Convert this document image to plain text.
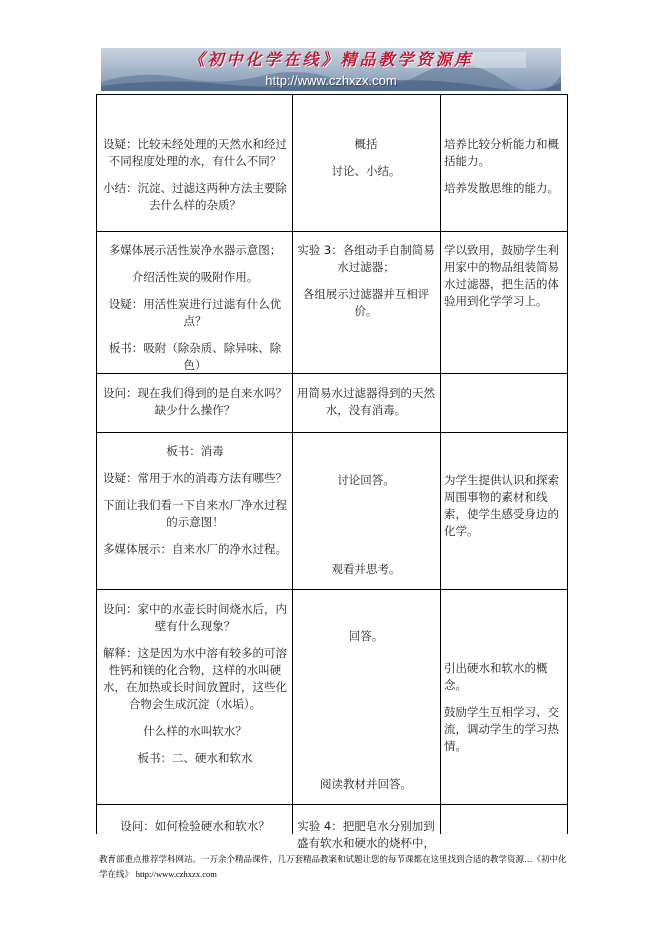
《初中化学在线》精品教学资源库
http://www.czhxzx.com

设疑：比较未经处理的天然水和经过不同程度处理的水，有什么不同？

小结：沉淀、过滤这两种方法主要除去什么样的杂质？

概括

讨论、小结。

培养比较分析能力和概括能力。

培养发散思维的能力。

多媒体展示活性炭净水器示意图；

介绍活性炭的吸附作用。

设疑：用活性炭进行过滤有什么优点？

板书：吸附（除杂质、除异味、除色）

实验 3：各组动手自制简易水过滤器；

各组展示过滤器并互相评价。

学以致用，鼓励学生利用家中的物品组装简易水过滤器，把生活的体验用到化学学习上。

设问：现在我们得到的是自来水吗？缺少什么操作？

用简易水过滤器得到的天然水，没有消毒。

板书：消毒

设疑：常用于水的消毒方法有哪些？

下面让我们看一下自来水厂净水过程的示意图！

多媒体展示：自来水厂的净水过程。

讨论回答。

观看并思考。

为学生提供认识和探索周围事物的素材和线索，使学生感受身边的化学。

设问：家中的水壶长时间烧水后，内壁有什么现象？

解释：这是因为水中溶有较多的可溶性钙和镁的化合物，这样的水叫硬水，在加热或长时间放置时，这些化合物会生成沉淀（水垢）。

什么样的水叫软水？

板书：二、硬水和软水

回答。

阅读教材并回答。

引出硬水和软水的概念。

鼓励学生互相学习、交流，调动学生的学习热情。

设问：如何检验硬水和软水？	实验 4：把肥皂水分别加到盛有软水和硬水的烧杯中，

教育部重点推荐学科网站。一万余个精品课件，几万套精品教案和试题让您的每节课都在这里找到合适的教学资源…《初中化学在线》 http://www.czhxzx.com
